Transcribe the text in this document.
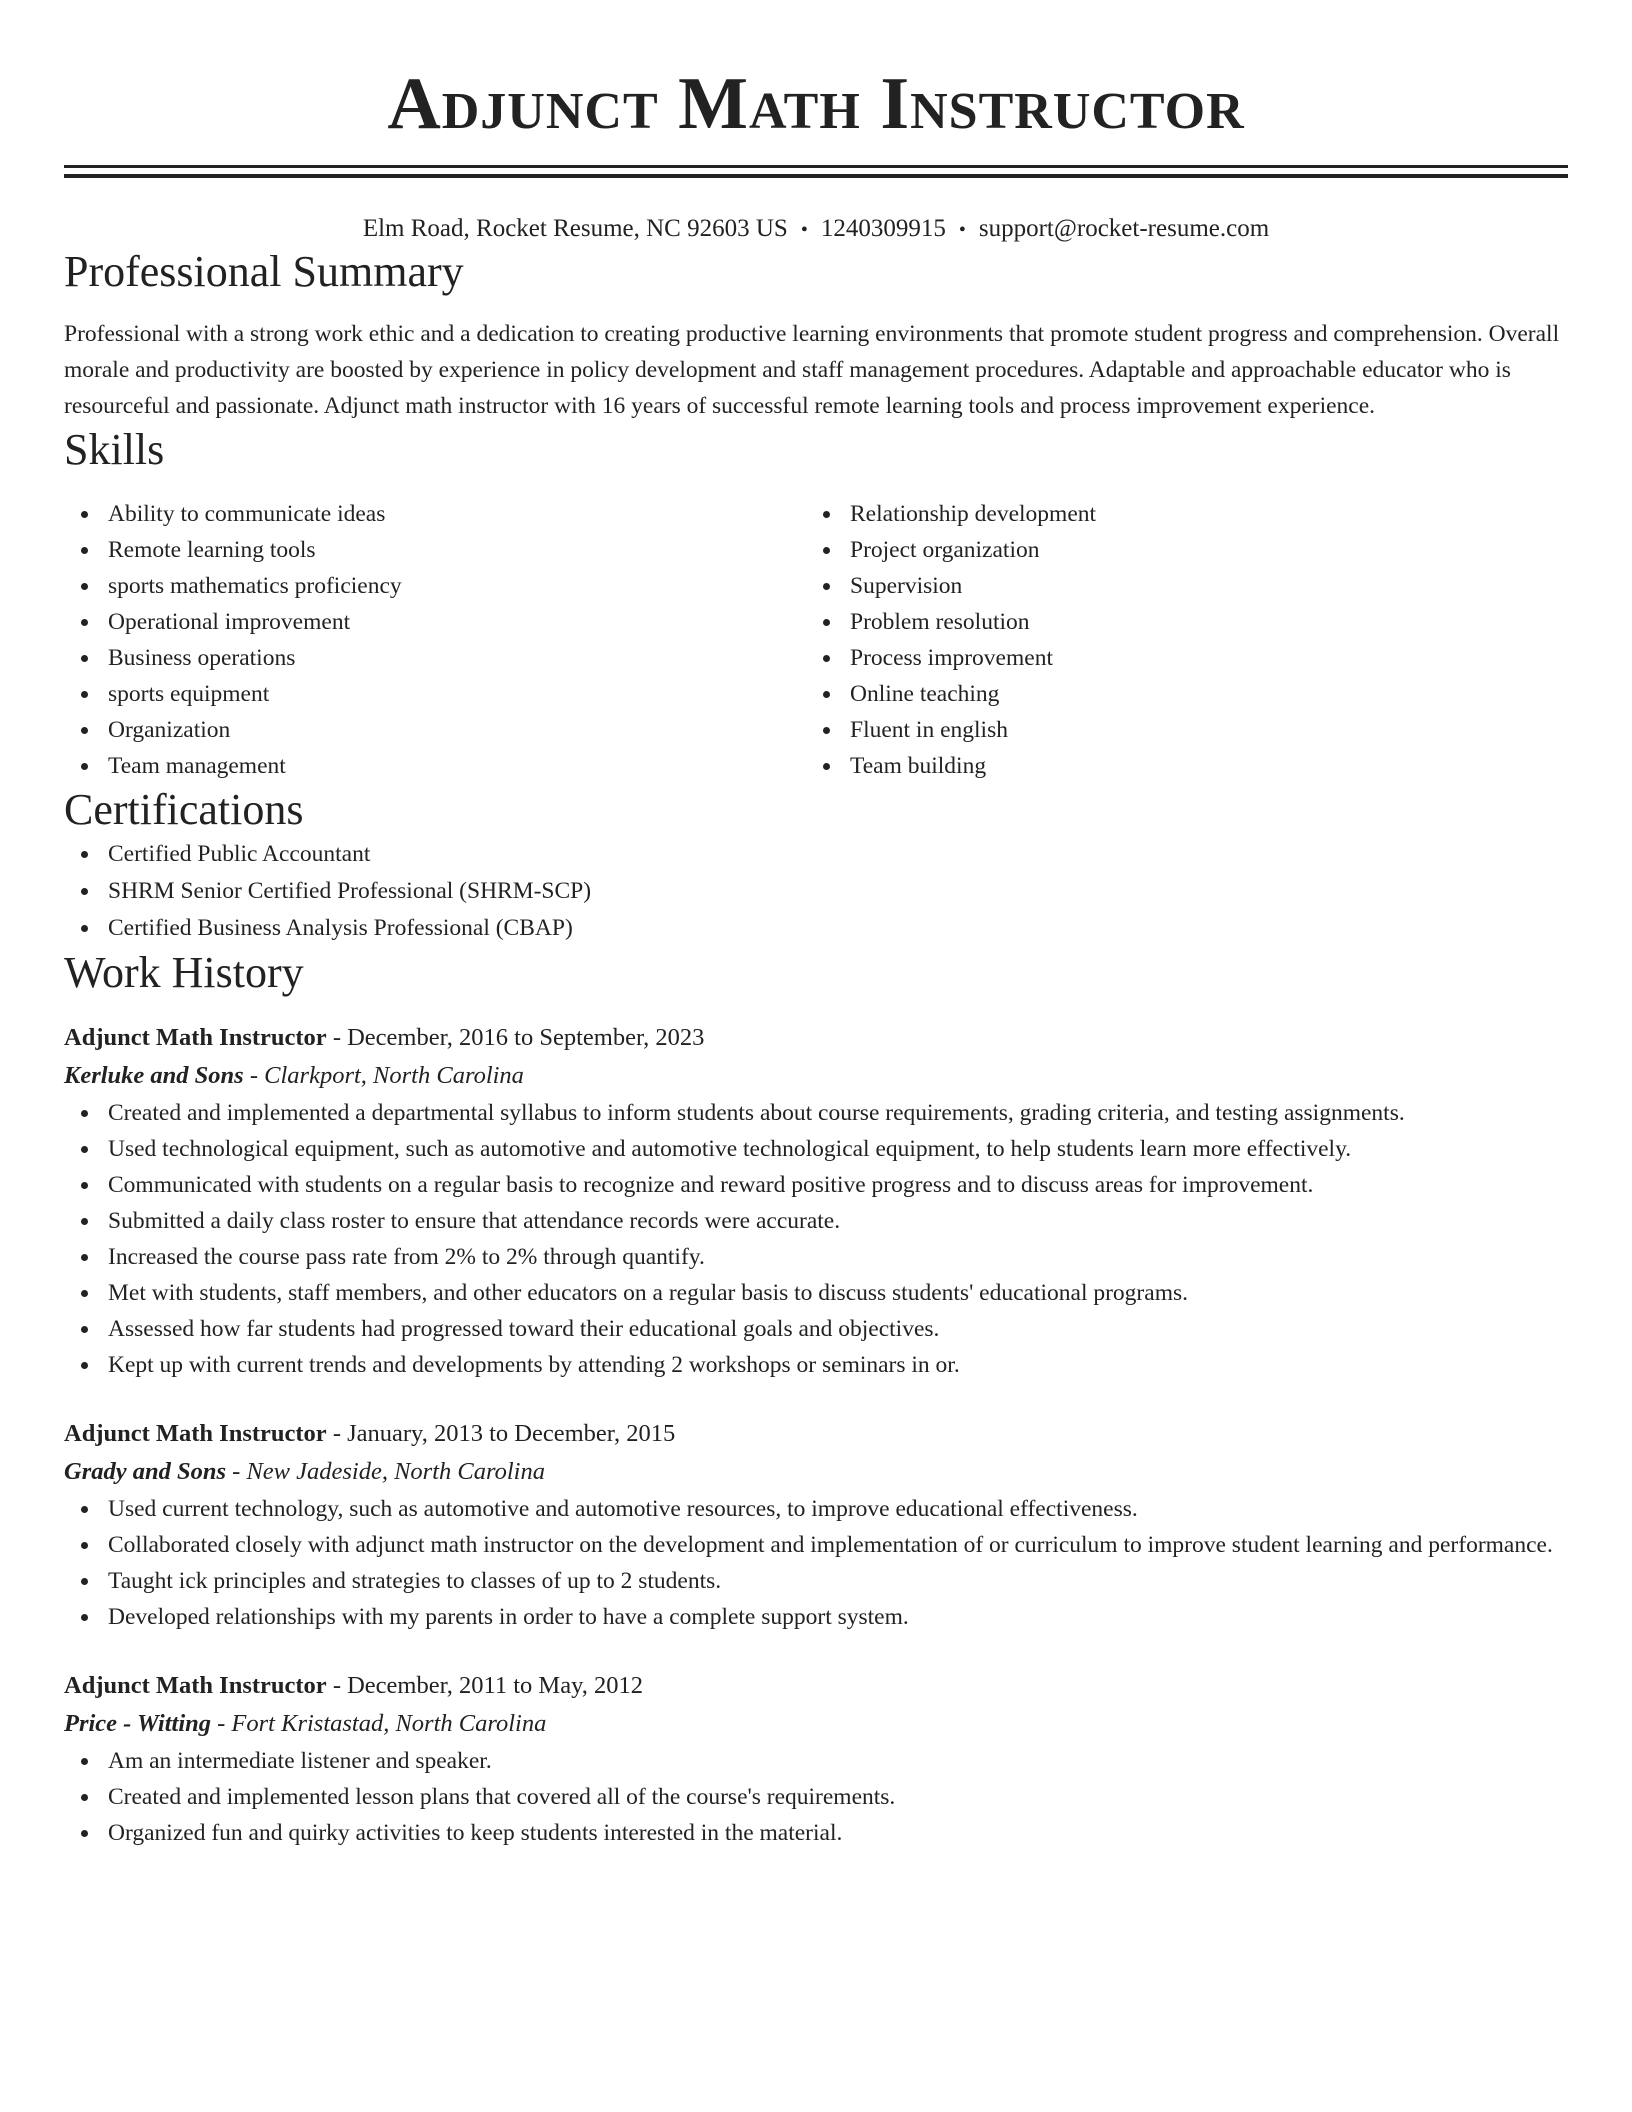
Adjunct Math Instructor
Elm Road, Rocket Resume, NC 92603 US • 1240309915 • support@rocket-resume.com
Professional Summary
Professional with a strong work ethic and a dedication to creating productive learning environments that promote student progress and comprehension. Overall morale and productivity are boosted by experience in policy development and staff management procedures. Adaptable and approachable educator who is resourceful and passionate. Adjunct math instructor with 16 years of successful remote learning tools and process improvement experience.
Skills
Ability to communicate ideas
Remote learning tools
sports mathematics proficiency
Operational improvement
Business operations
sports equipment
Organization
Team management
Relationship development
Project organization
Supervision
Problem resolution
Process improvement
Online teaching
Fluent in english
Team building
Certifications
Certified Public Accountant
SHRM Senior Certified Professional (SHRM-SCP)
Certified Business Analysis Professional (CBAP)
Work History
Adjunct Math Instructor - December, 2016 to September, 2023
Kerluke and Sons - Clarkport, North Carolina
Created and implemented a departmental syllabus to inform students about course requirements, grading criteria, and testing assignments.
Used technological equipment, such as automotive and automotive technological equipment, to help students learn more effectively.
Communicated with students on a regular basis to recognize and reward positive progress and to discuss areas for improvement.
Submitted a daily class roster to ensure that attendance records were accurate.
Increased the course pass rate from 2% to 2% through quantify.
Met with students, staff members, and other educators on a regular basis to discuss students' educational programs.
Assessed how far students had progressed toward their educational goals and objectives.
Kept up with current trends and developments by attending 2 workshops or seminars in or.
Adjunct Math Instructor - January, 2013 to December, 2015
Grady and Sons - New Jadeside, North Carolina
Used current technology, such as automotive and automotive resources, to improve educational effectiveness.
Collaborated closely with adjunct math instructor on the development and implementation of or curriculum to improve student learning and performance.
Taught ick principles and strategies to classes of up to 2 students.
Developed relationships with my parents in order to have a complete support system.
Adjunct Math Instructor - December, 2011 to May, 2012
Price - Witting - Fort Kristastad, North Carolina
Am an intermediate listener and speaker.
Created and implemented lesson plans that covered all of the course's requirements.
Organized fun and quirky activities to keep students interested in the material.
